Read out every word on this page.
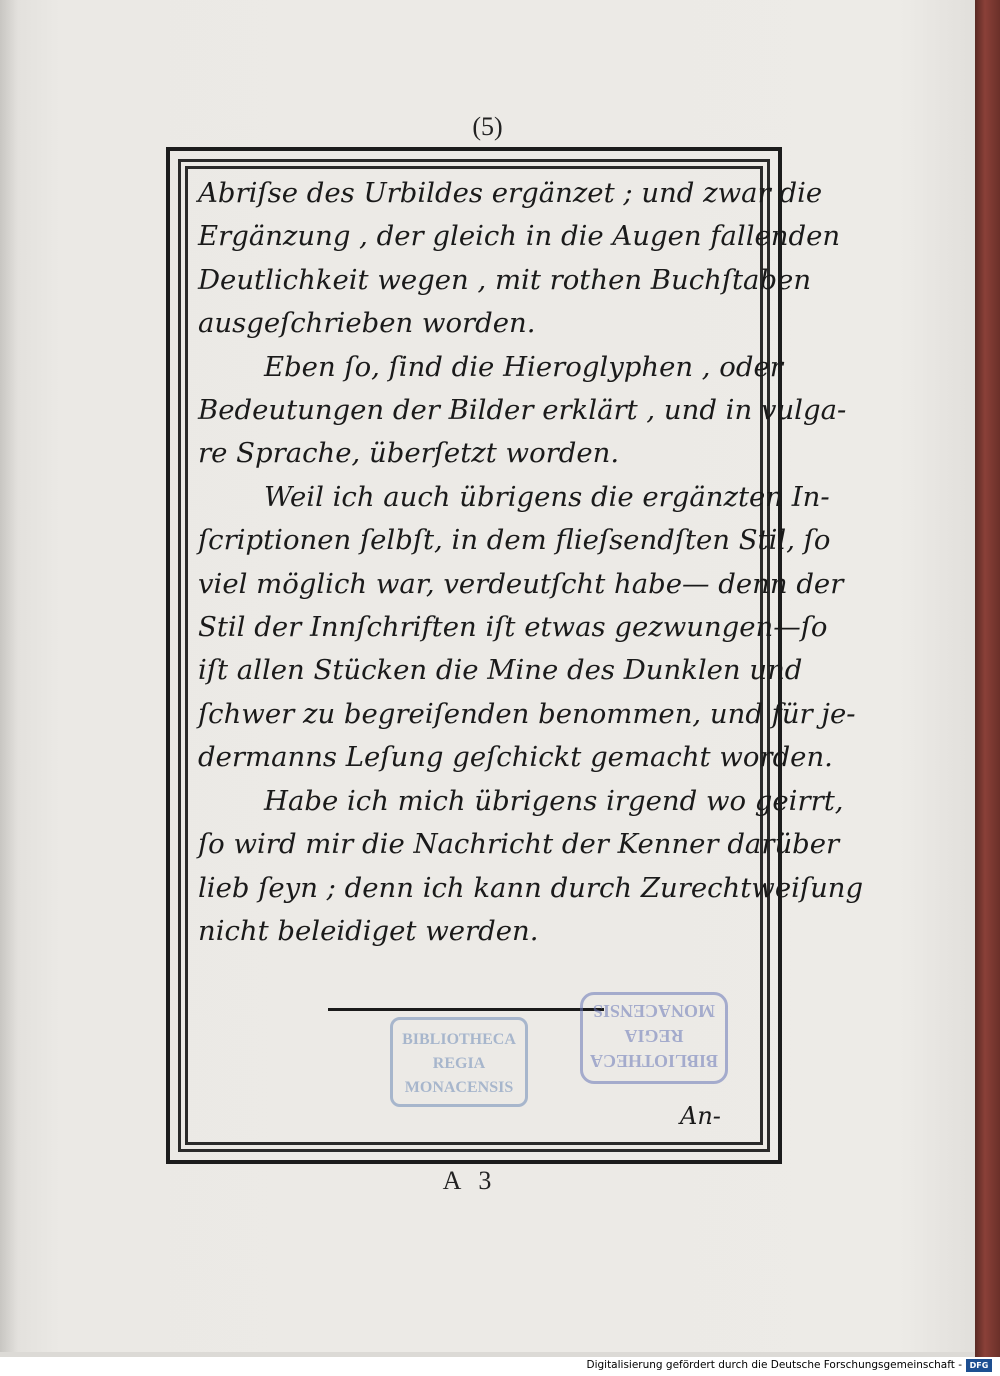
(5)
Abriſse des Urbildes ergänzet ; und zwar die
Ergänzung , der gleich in die Augen fallenden
Deutlichkeit wegen , mit rothen Buchſtaben
ausgeſchrieben worden.
Eben ſo, ſind die Hieroglyphen , oder
Bedeutungen der Bilder erklärt , und in vulga-
re Sprache, überſetzt worden.
Weil ich auch übrigens die ergänzten In-
ſcriptionen ſelbſt, in dem flieſsendſten Stil, ſo
viel möglich war, verdeutſcht habe— denn der
Stil der Innſchriften iſt etwas gezwungen—ſo
iſt allen Stücken die Mine des Dunklen und
ſchwer zu begreiſenden benommen, und für je-
dermanns Leſung geſchickt gemacht worden.
Habe ich mich übrigens irgend wo geirrt,
ſo wird mir die Nachricht der Kenner darüber
lieb ſeyn ; denn ich kann durch Zurechtweiſung
nicht beleidiget werden.
BIBLIOTHECA
REGIA
MONACENSIS
BIBLIOTHECA
REGIA
MONACENSIS
An-
A 3
Digitalisierung gefördert durch die Deutsche Forschungsgemeinschaft - DFG
